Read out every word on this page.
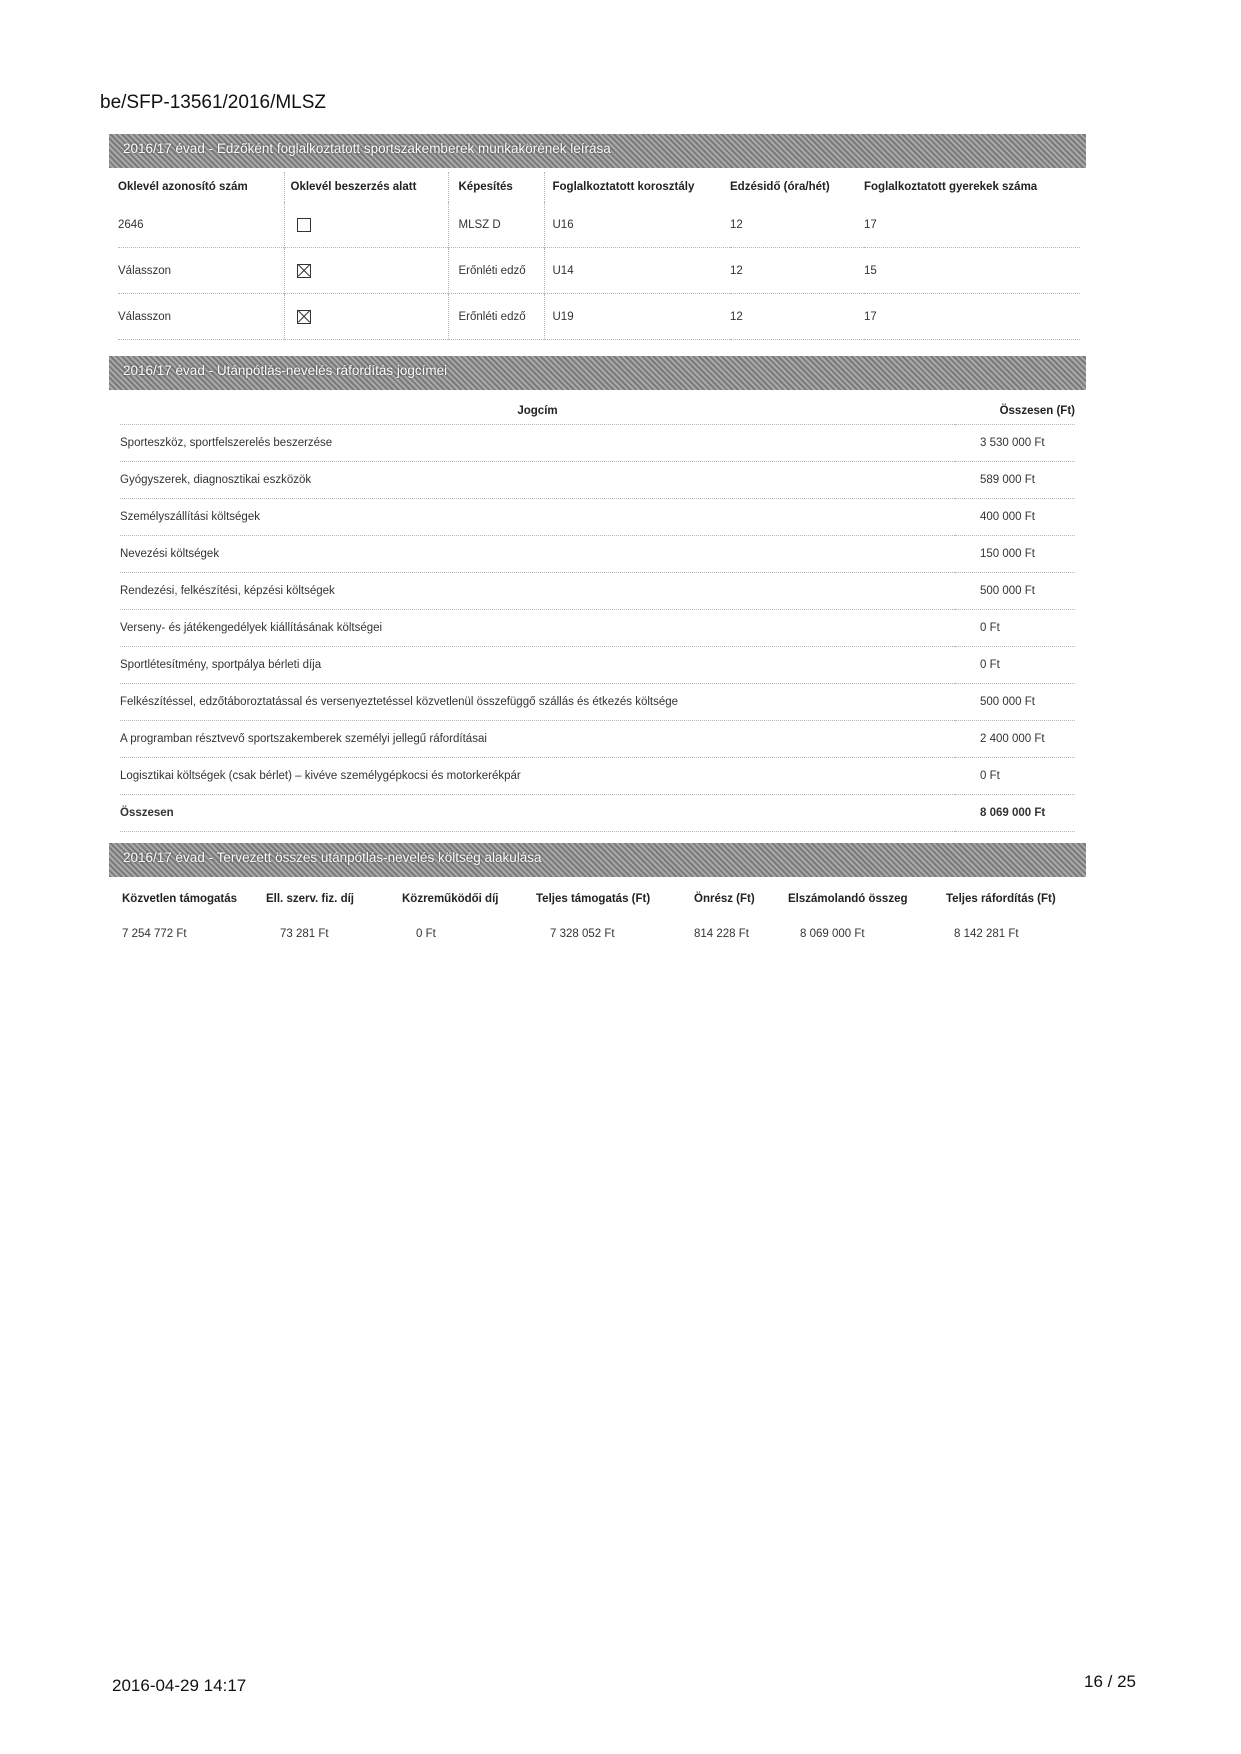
be/SFP-13561/2016/MLSZ
2016/17 évad - Edzőként foglalkoztatott sportszakemberek munkakörének leírása
Oklevél azonosító szám	Oklevél beszerzés alatt	Képesítés	Foglalkoztatott korosztály	Edzésidő (óra/hét)	Foglalkoztatott gyerekek száma
2646		MLSZ D	U16	12	17
Válasszon		Erőnléti edző	U14	12	15
Válasszon		Erőnléti edző	U19	12	17
2016/17 évad - Utánpótlás-nevelés ráfordítás jogcímei
Jogcím	Összesen (Ft)
Sporteszköz, sportfelszerelés beszerzése	3 530 000 Ft
Gyógyszerek, diagnosztikai eszközök	589 000 Ft
Személyszállítási költségek	400 000 Ft
Nevezési költségek	150 000 Ft
Rendezési, felkészítési, képzési költségek	500 000 Ft
Verseny- és játékengedélyek kiállításának költségei	0 Ft
Sportlétesítmény, sportpálya bérleti díja	0 Ft
Felkészítéssel, edzőtáboroztatással és versenyeztetéssel közvetlenül összefüggő szállás és étkezés költsége	500 000 Ft
A programban résztvevő sportszakemberek személyi jellegű ráfordításai	2 400 000 Ft
Logisztikai költségek (csak bérlet) – kivéve személygépkocsi és motorkerékpár	0 Ft
Összesen	8 069 000 Ft
2016/17 évad - Tervezett összes utánpótlás-nevelés költség alakulása
Közvetlen támogatás	Ell. szerv. fiz. díj	Közreműködői díj	Teljes támogatás (Ft)	Önrész (Ft)	Elszámolandó összeg	Teljes ráfordítás (Ft)
7 254 772 Ft	73 281 Ft	0 Ft	7 328 052 Ft	814 228 Ft	8 069 000 Ft	8 142 281 Ft
2016-04-29 14:17	16 / 25
